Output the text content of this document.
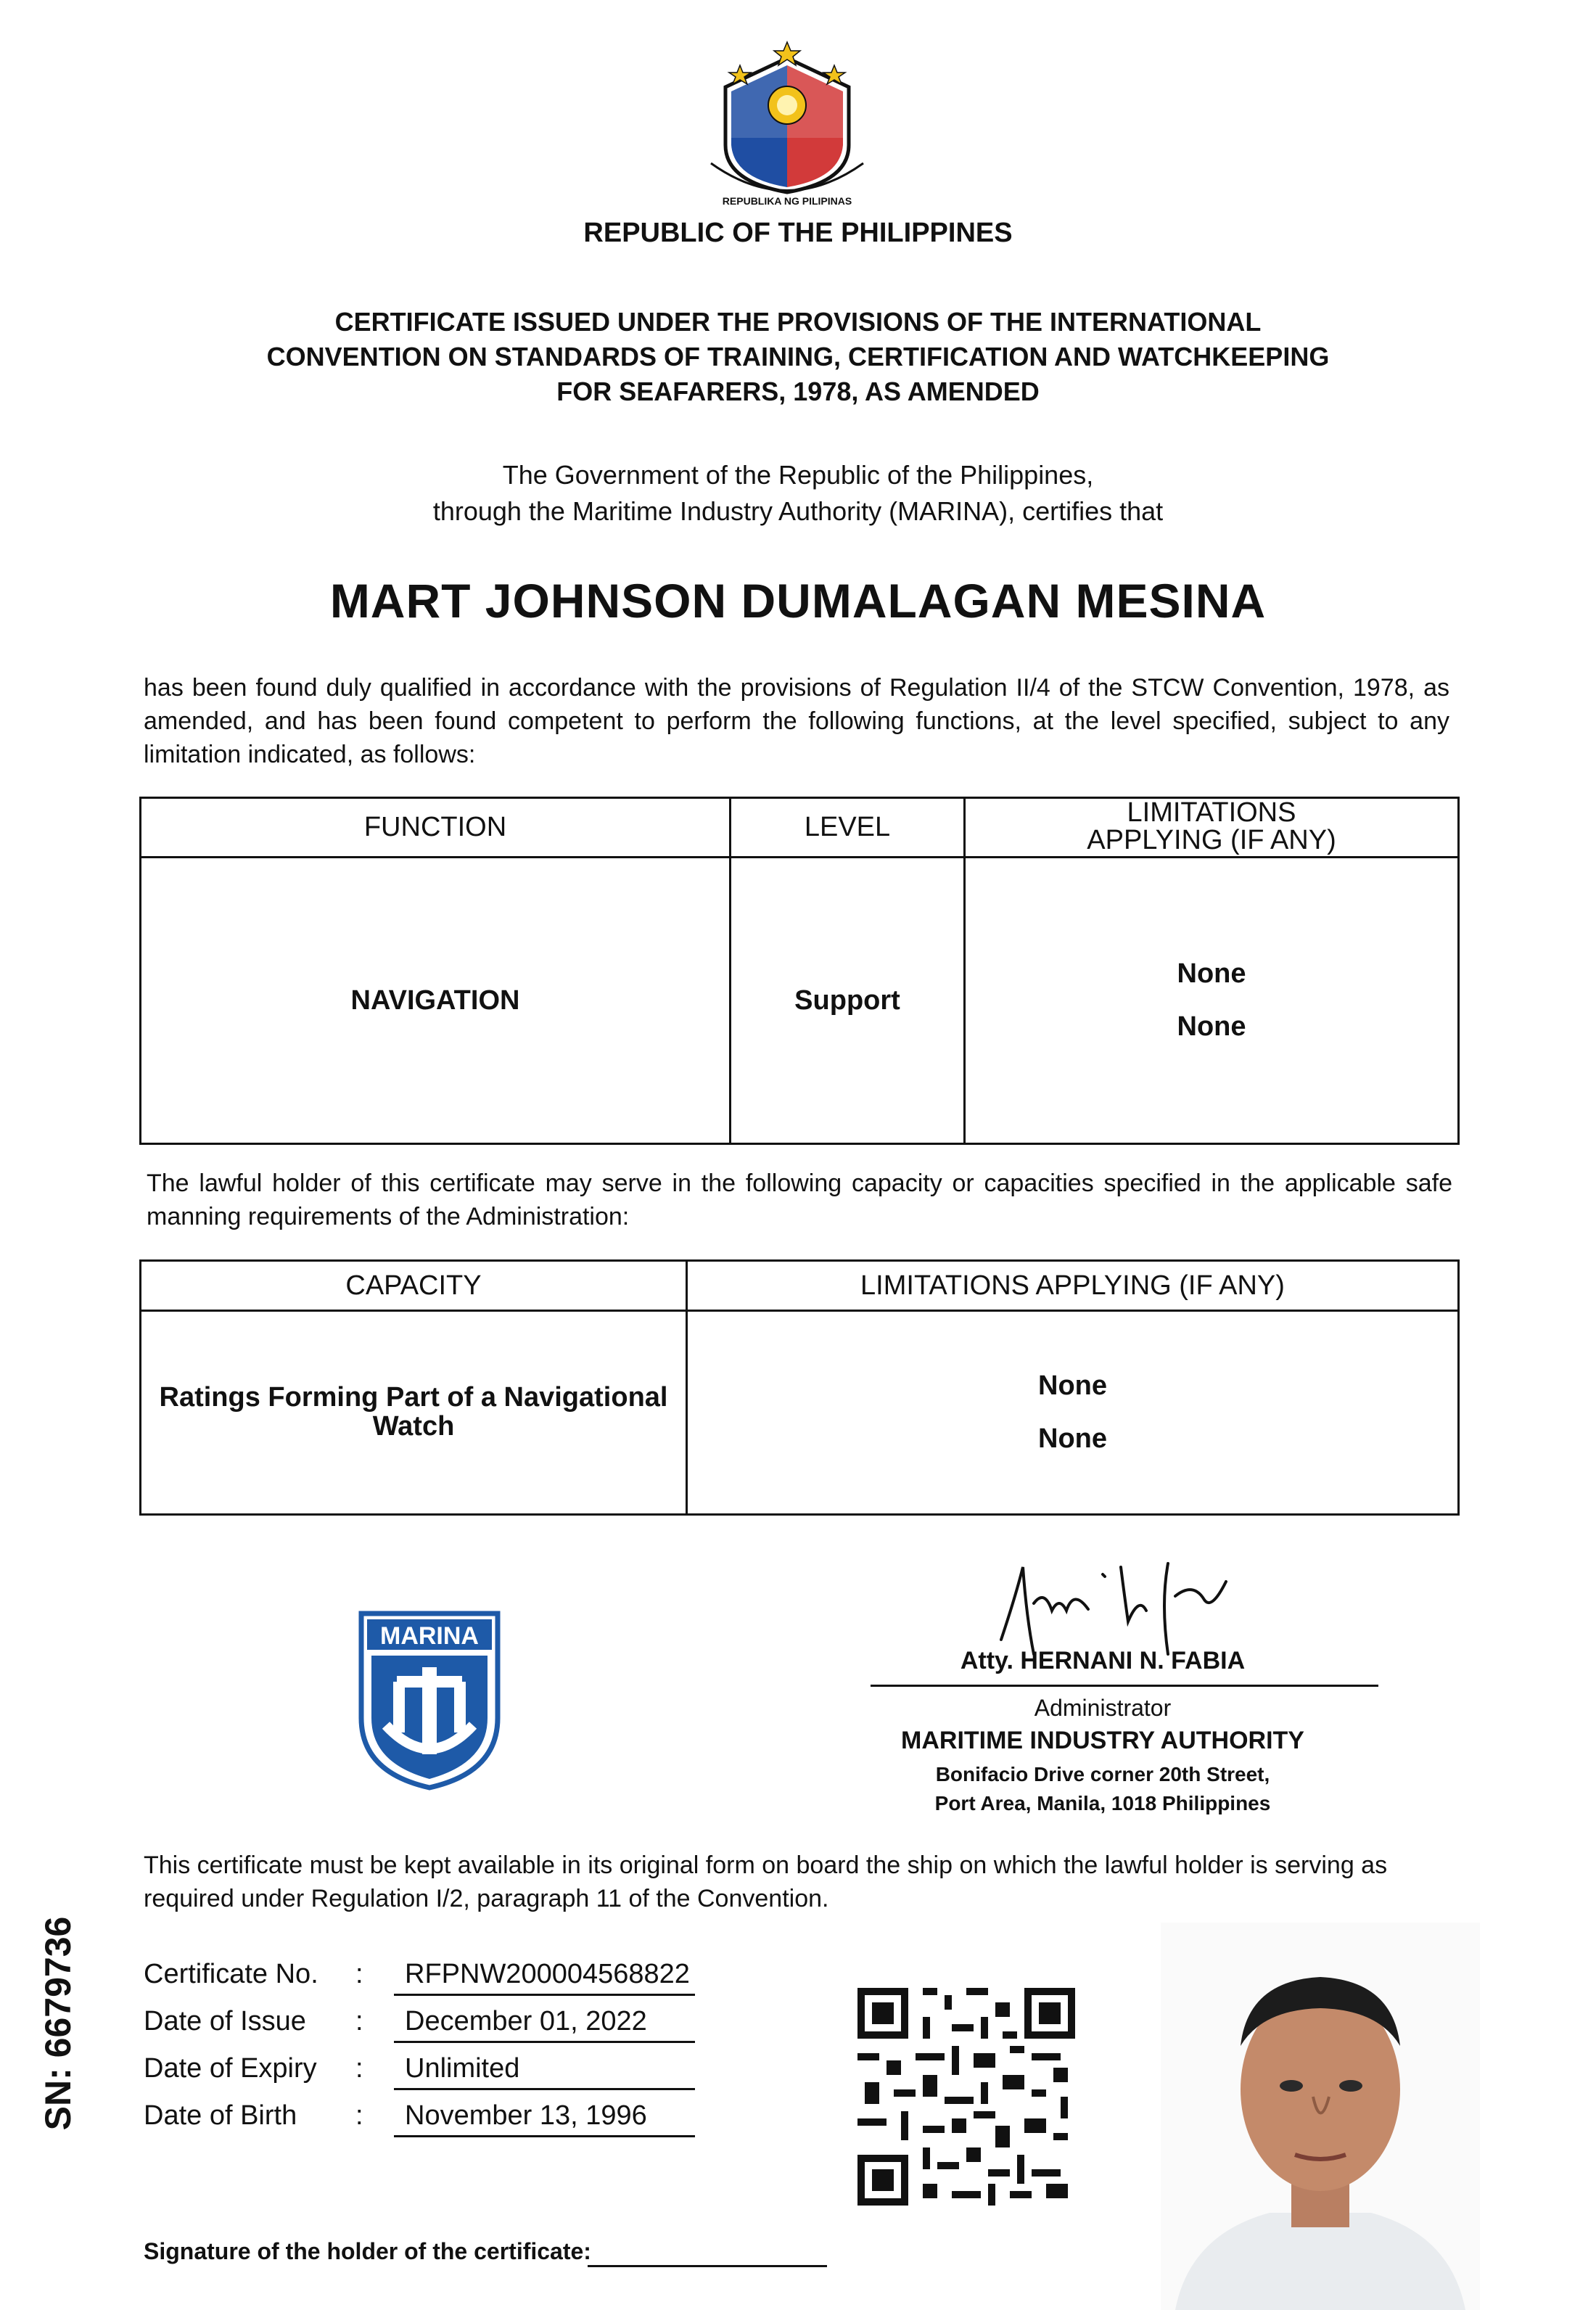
REPUBLIKA NG PILIPINAS
REPUBLIC OF THE PHILIPPINES
CERTIFICATE ISSUED UNDER THE PROVISIONS OF THE INTERNATIONAL
CONVENTION ON STANDARDS OF TRAINING, CERTIFICATION AND WATCHKEEPING
FOR SEAFARERS, 1978, AS AMENDED
The Government of the Republic of the Philippines,
through the Maritime Industry Authority (MARINA), certifies that
MART JOHNSON DUMALAGAN MESINA
has been found duly qualified in accordance with the provisions of Regulation II/4 of the STCW Convention, 1978, as amended, and has been found competent to perform the following functions, at the level specified, subject to any limitation indicated, as follows:
FUNCTION	LEVEL	LIMITATIONS APPLYING (IF ANY)
NAVIGATION	Support	None
None
The lawful holder of this certificate may serve in the following capacity or capacities specified in the applicable safe manning requirements of the Administration:
CAPACITY	LIMITATIONS APPLYING (IF ANY)
Ratings Forming Part of a Navigational Watch	None
None
MARINA
Atty. HERNANI N. FABIA
Administrator
MARITIME INDUSTRY AUTHORITY
Bonifacio Drive corner 20th Street,
Port Area, Manila, 1018 Philippines
This certificate must be kept available in its original form on board the ship on which the lawful holder is serving as required under Regulation I/2, paragraph 11 of the Convention.
SN: 6679736 Certificate No.	: RFPNW200004568822
Date of Issue	: December 01, 2022
Date of Expiry	: Unlimited
Date of Birth	: November 13, 1996
Signature of the holder of the certificate:
